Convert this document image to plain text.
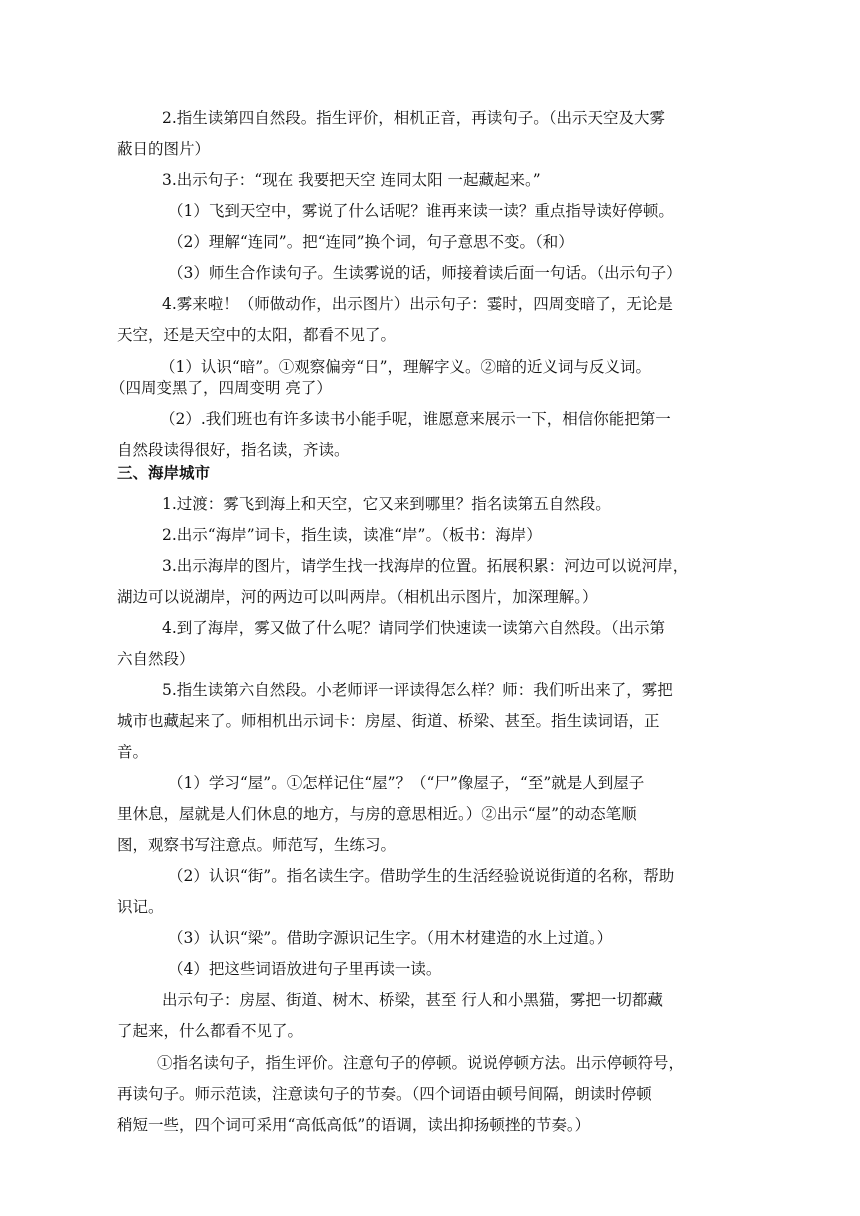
2.指生读第四自然段。指生评价，相机正音，再读句子。（出示天空及大雾
蔽日的图片）
3.出示句子：“现在 我要把天空 连同太阳 一起藏起来。”
（1）飞到天空中，雾说了什么话呢？谁再来读一读？重点指导读好停顿。
（2）理解“连同”。把“连同”换个词，句子意思不变。（和）
（3）师生合作读句子。生读雾说的话，师接着读后面一句话。（出示句子）
4.雾来啦！（师做动作，出示图片）出示句子：霎时，四周变暗了，无论是
天空，还是天空中的太阳，都看不见了。
（1）认识“暗”。①观察偏旁“日”，理解字义。②暗的近义词与反义词。
（四周变黑了，四周变明 亮了）
（2）.我们班也有许多读书小能手呢，谁愿意来展示一下，相信你能把第一
自然段读得很好，指名读，齐读。
三、海岸城市
1.过渡：雾飞到海上和天空，它又来到哪里？指名读第五自然段。
2.出示“海岸”词卡，指生读，读准“岸”。（板书：海岸）
3.出示海岸的图片，请学生找一找海岸的位置。拓展积累：河边可以说河岸，
湖边可以说湖岸，河的两边可以叫两岸。（相机出示图片，加深理解。）
4.到了海岸，雾又做了什么呢？请同学们快速读一读第六自然段。（出示第
六自然段）
5.指生读第六自然段。小老师评一评读得怎么样？师：我们听出来了，雾把
城市也藏起来了。师相机出示词卡：房屋、街道、桥梁、甚至。指生读词语，正
音。
（1）学习“屋”。①怎样记住“屋”？（“尸”像屋子，“至”就是人到屋子
里休息，屋就是人们休息的地方，与房的意思相近。）②出示“屋”的动态笔顺
图，观察书写注意点。师范写，生练习。
（2）认识“街”。指名读生字。借助学生的生活经验说说街道的名称，帮助
识记。
（3）认识“梁”。借助字源识记生字。（用木材建造的水上过道。）
（4）把这些词语放进句子里再读一读。
出示句子：房屋、街道、树木、桥梁，甚至 行人和小黑猫，雾把一切都藏
了起来，什么都看不见了。
①指名读句子，指生评价。注意句子的停顿。说说停顿方法。出示停顿符号，
再读句子。师示范读，注意读句子的节奏。（四个词语由顿号间隔，朗读时停顿
稍短一些，四个词可采用“高低高低”的语调，读出抑扬顿挫的节奏。）
